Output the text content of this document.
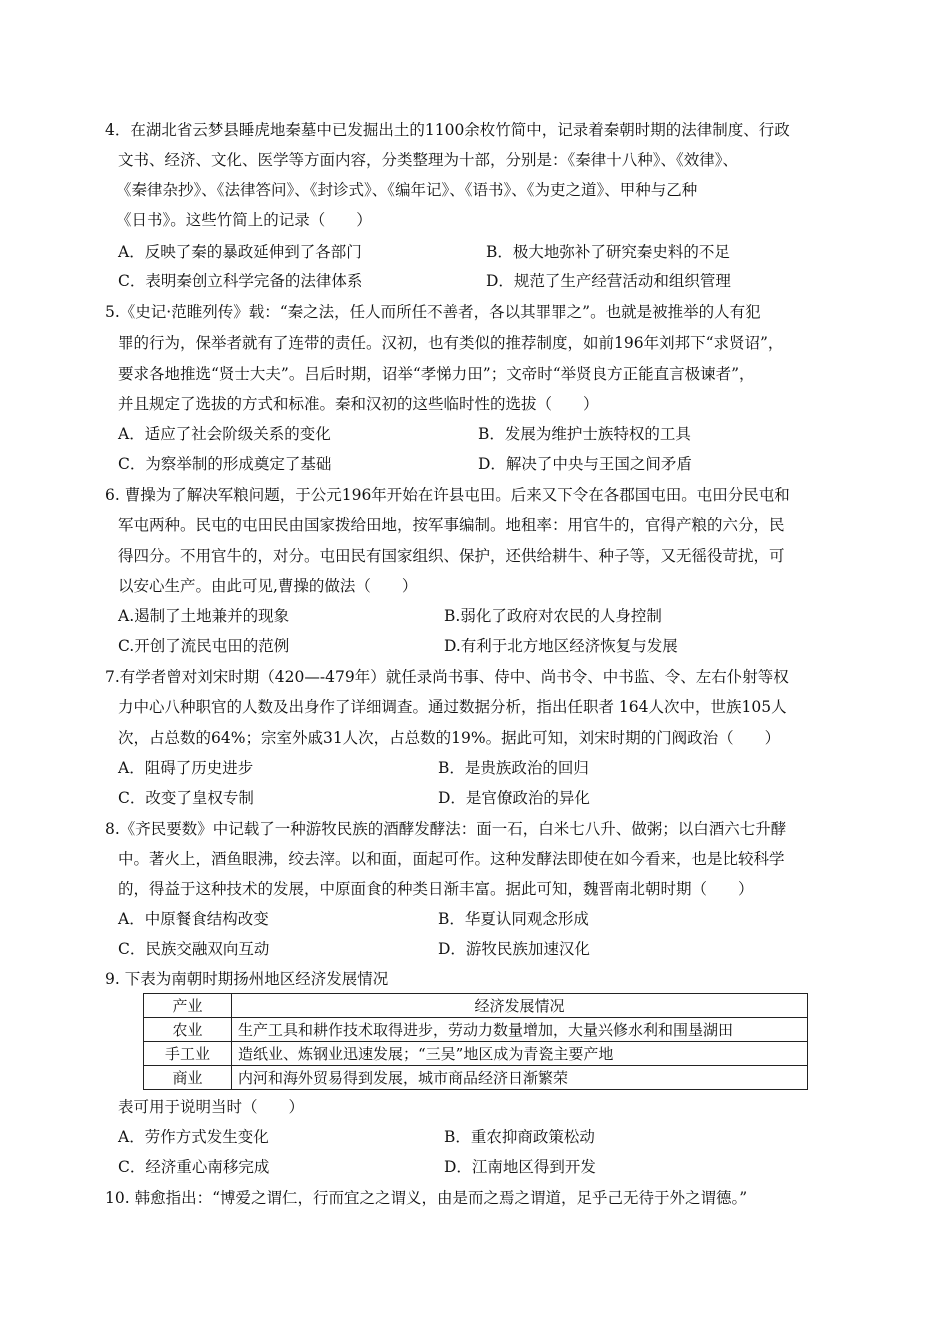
4．在湖北省云梦县睡虎地秦墓中已发掘出土的1100余枚竹简中，记录着秦朝时期的法律制度、行政
文书、经济、文化、医学等方面内容，分类整理为十部，分别是：《秦律十八种》、《效律》、
《秦律杂抄》、《法律答问》、《封诊式》、《编年记》、《语书》、《为吏之道》、甲种与乙种
《日书》。这些竹简上的记录（　　）
A．反映了秦的暴政延伸到了各部门	B．极大地弥补了研究秦史料的不足
C．表明秦创立科学完备的法律体系	D．规范了生产经营活动和组织管理
5.《史记·范睢列传》载：“秦之法，任人而所任不善者，各以其罪罪之”。也就是被推举的人有犯
罪的行为，保举者就有了连带的责任。汉初，也有类似的推荐制度，如前196年刘邦下“求贤诏”，
要求各地推选“贤士大夫”。吕后时期，诏举“孝悌力田”；文帝时“举贤良方正能直言极谏者”，
并且规定了选拔的方式和标准。秦和汉初的这些临时性的选拔（　　）
A．适应了社会阶级关系的变化	B．发展为维护士族特权的工具
C．为察举制的形成奠定了基础	D．解决了中央与王国之间矛盾
6. 曹操为了解决军粮问题，于公元196年开始在许县屯田。后来又下令在各郡国屯田。屯田分民屯和
军屯两种。民屯的屯田民由国家拨给田地，按军事编制。地租率：用官牛的，官得产粮的六分，民
得四分。不用官牛的，对分。屯田民有国家组织、保护，还供给耕牛、种子等，又无徭役苛扰，可
以安心生产。由此可见,曹操的做法（　　）
A.遏制了土地兼并的现象	B.弱化了政府对农民的人身控制
C.开创了流民屯田的范例	D.有利于北方地区经济恢复与发展
7.有学者曾对刘宋时期（420—-479年）就任录尚书事、侍中、尚书令、中书监、令、左右仆射等权
力中心八种职官的人数及出身作了详细调查。通过数据分析，指出任职者 164人次中，世族105人
次，占总数的64%；宗室外戚31人次，占总数的19%。据此可知，刘宋时期的门阀政治（　　）
A．阻碍了历史进步	B．是贵族政治的回归
C．改变了皇权专制	D．是官僚政治的异化
8.《齐民要数》中记载了一种游牧民族的酒酵发酵法：面一石，白米七八升、做粥；以白酒六七升酵
中。著火上，酒鱼眼沸，绞去滓。以和面，面起可作。这种发酵法即使在如今看来，也是比较科学
的，得益于这种技术的发展，中原面食的种类日渐丰富。据此可知，魏晋南北朝时期（　　）
A．中原餐食结构改变	B．华夏认同观念形成
C．民族交融双向互动	D．游牧民族加速汉化
9. 下表为南朝时期扬州地区经济发展情况
产业	经济发展情况
农业	生产工具和耕作技术取得进步，劳动力数量增加，大量兴修水利和围垦湖田
手工业	造纸业、炼钢业迅速发展；“三吴”地区成为青瓷主要产地
商业	内河和海外贸易得到发展，城市商品经济日渐繁荣
表可用于说明当时（　　）
A．劳作方式发生变化	B．重农抑商政策松动
C．经济重心南移完成	D．江南地区得到开发
10. 韩愈指出：“博爱之谓仁，行而宜之之谓义，由是而之焉之谓道，足乎己无待于外之谓德。”
